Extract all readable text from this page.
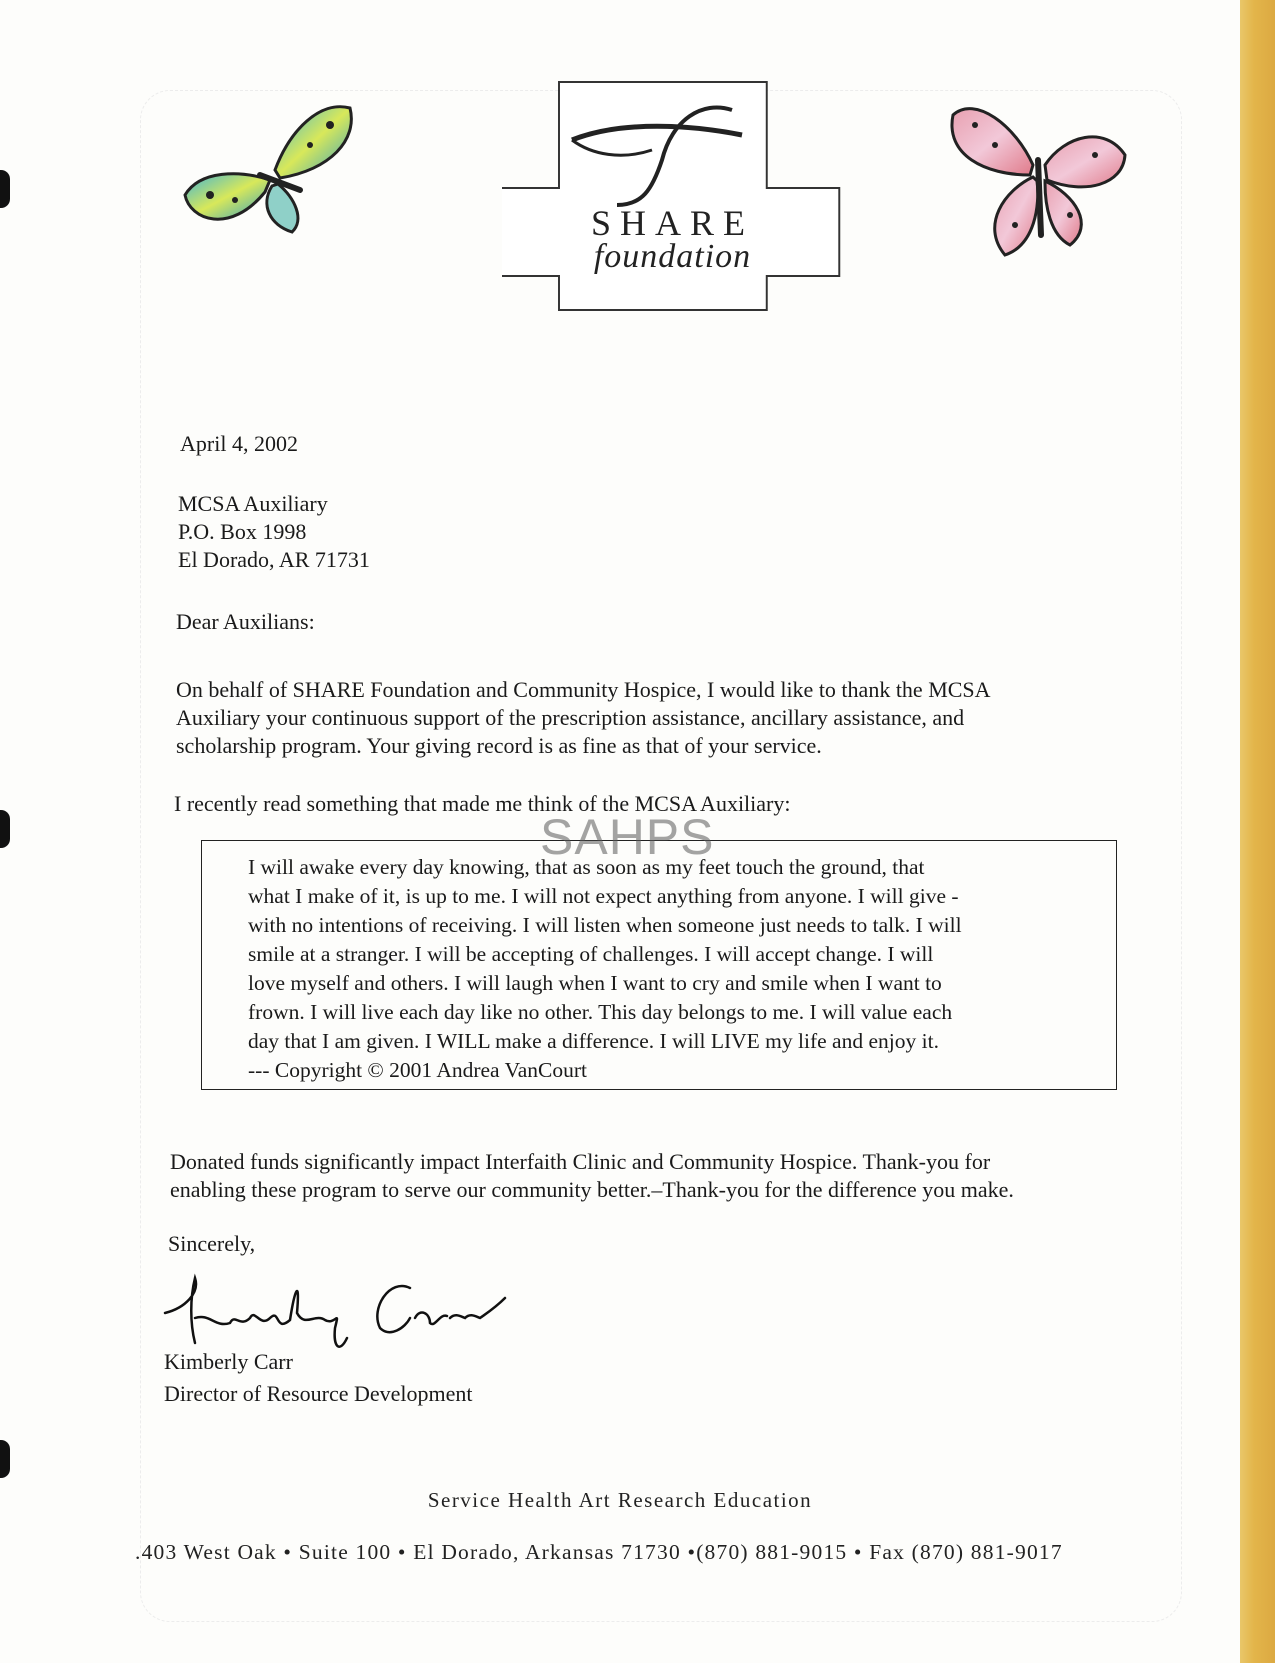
SHARE
foundation
April 4, 2002
MCSA Auxiliary
P.O. Box 1998
El Dorado, AR 71731
Dear Auxilians:
On behalf of SHARE Foundation and Community Hospice, I would like to thank the MCSA
Auxiliary your continuous support of the prescription assistance, ancillary assistance, and
scholarship program. Your giving record is as fine as that of your service.
I recently read something that made me think of the MCSA Auxiliary:
I will awake every day knowing, that as soon as my feet touch the ground, that
what I make of it, is up to me. I will not expect anything from anyone. I will give -
with no intentions of receiving. I will listen when someone just needs to talk. I will
smile at a stranger. I will be accepting of challenges. I will accept change. I will
love myself and others. I will laugh when I want to cry and smile when I want to
frown. I will live each day like no other. This day belongs to me. I will value each
day that I am given. I WILL make a difference. I will LIVE my life and enjoy it.
--- Copyright © 2001 Andrea VanCourt
SAHPS
Donated funds significantly impact Interfaith Clinic and Community Hospice. Thank-you for
enabling these program to serve our community better.–Thank-you for the difference you make.
Sincerely,
Kimberly Carr
Director of Resource Development
Service Health Art Research Education
.403 West Oak • Suite 100 • El Dorado, Arkansas 71730 •(870) 881-9015 • Fax (870) 881-9017
